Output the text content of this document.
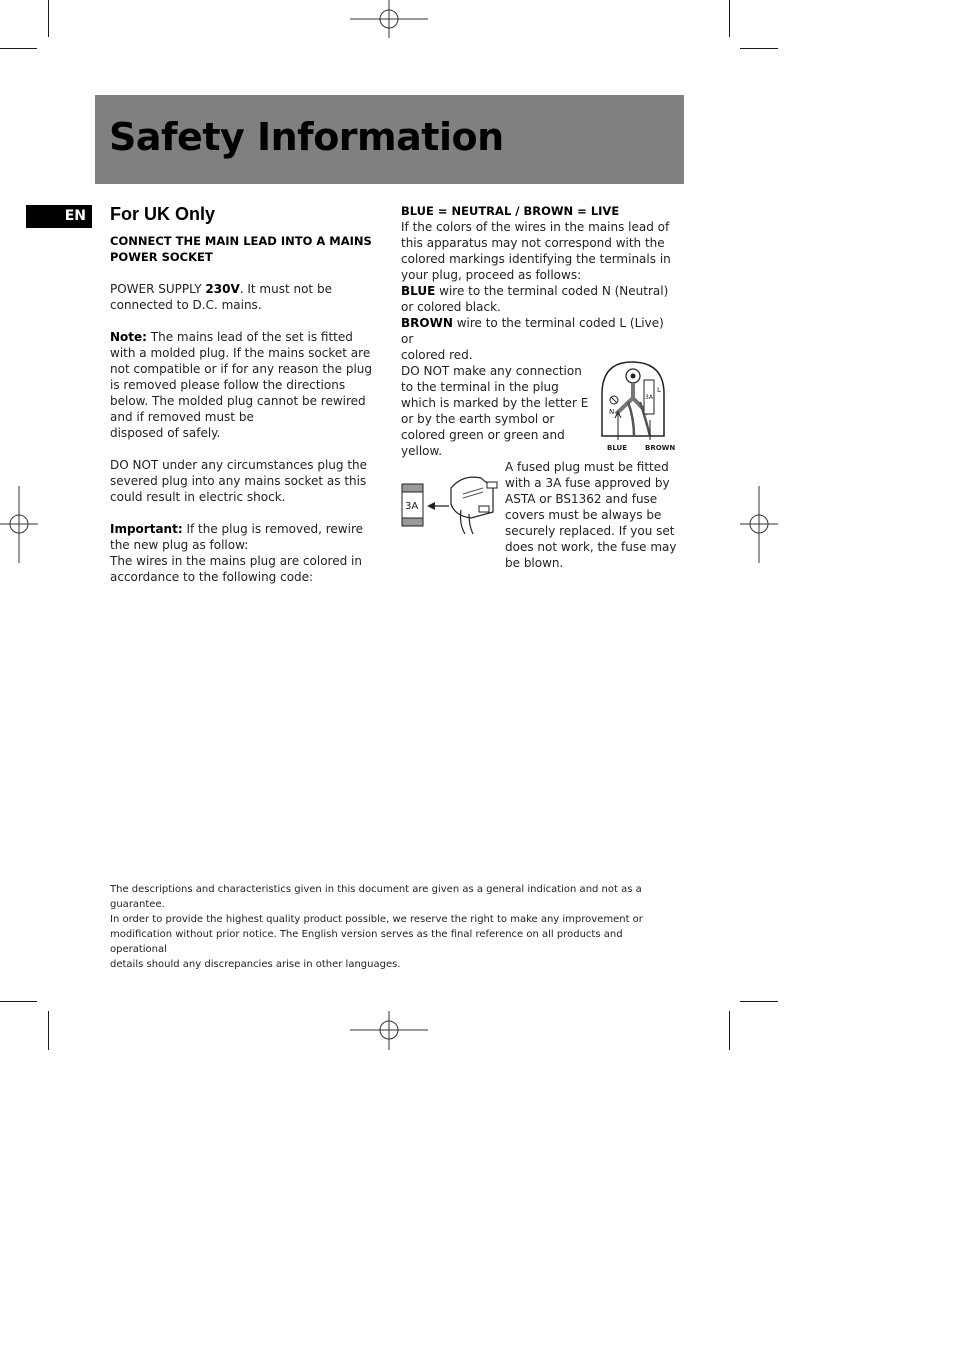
Safety Information
EN	For UK Only

CONNECT THE MAIN LEAD INTO A MAINS POWER SOCKET

POWER SUPPLY 230V. It must not be connected to D.C. mains.

Note: The mains lead of the set is fitted with a molded plug. If the mains socket are not compatible or if for any reason the plug is removed please follow the directions below. The molded plug cannot be rewired and if removed must be

disposed of safely.

DO NOT under any circumstances plug the severed plug into any mains socket as this could result in electric shock.

Important: If the plug is removed, rewire the new plug as follow:

The wires in the mains plug are colored in accordance to the following code:

BLUE = NEUTRAL / BROWN = LIVE

If the colors of the wires in the mains lead of this apparatus may not correspond with the colored markings identifying the terminals in your plug, proceed as follows:

BLUE wire to the terminal coded N (Neutral) or colored black.

BROWN wire to the terminal coded L (Live) or

colored red.

DO NOT make any connection to the terminal in the plug which is marked by the letter E or by the earth symbol or colored green or green and yellow.

L
3A
N
BLUE	BROWN
3A

A fused plug must be fitted with a 3A fuse approved by ASTA or BS1362 and fuse covers must be always be securely replaced. If you set does not work, the fuse may be blown.

The descriptions and characteristics given in this document are given as a general indication and not as a guarantee.

In order to provide the highest quality product possible, we reserve the right to make any improvement or

modification without prior notice. The English version serves as the final reference on all products and operational

details should any discrepancies arise in other languages.
